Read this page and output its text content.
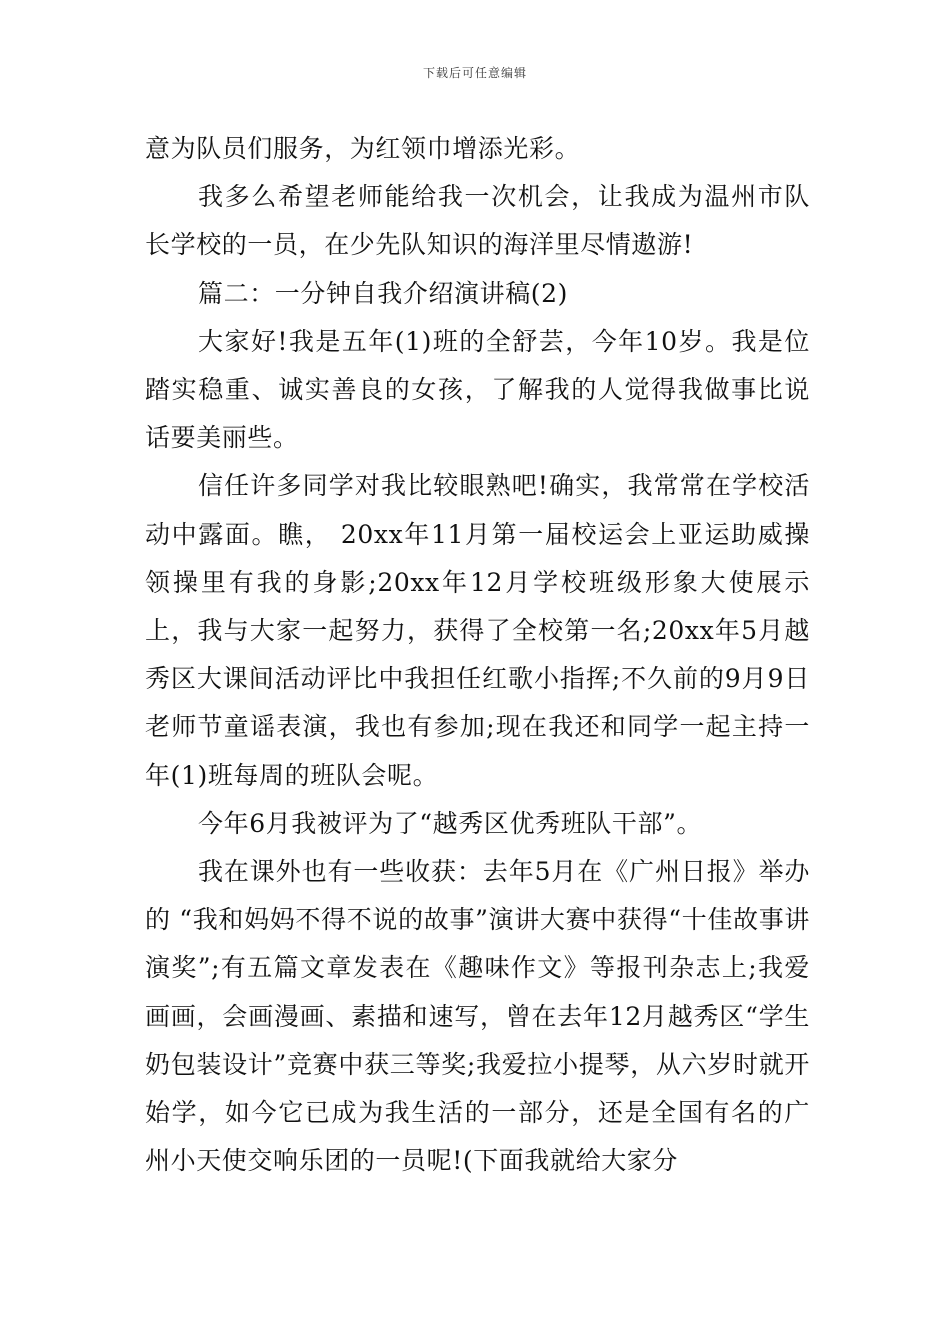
下载后可任意编辑

意为队员们服务，为红领巾增添光彩。

我多么希望老师能给我一次机会，让我成为温州市队长学校的一员，在少先队知识的海洋里尽情遨游!

篇二：一分钟自我介绍演讲稿(2)

大家好!我是五年(1)班的全舒芸，今年10岁。我是位踏实稳重、诚实善良的女孩，了解我的人觉得我做事比说话要美丽些。

信任许多同学对我比较眼熟吧!确实，我常常在学校活动中露面。瞧， 20xx年11月第一届校运会上亚运助威操领操里有我的身影;20xx年12月学校班级形象大使展示上，我与大家一起努力，获得了全校第一名;20xx年5月越秀区大课间活动评比中我担任红歌小指挥;不久前的9月9日老师节童谣表演，我也有参加;现在我还和同学一起主持一年(1)班每周的班队会呢。

今年6月我被评为了“越秀区优秀班队干部”。

我在课外也有一些收获：去年5月在《广州日报》举办的 “我和妈妈不得不说的故事”演讲大赛中获得“十佳故事讲演奖”;有五篇文章发表在《趣味作文》等报刊杂志上;我爱画画，会画漫画、素描和速写，曾在去年12月越秀区“学生奶包装设计”竞赛中获三等奖;我爱拉小提琴，从六岁时就开始学，如今它已成为我生活的一部分，还是全国有名的广州小天使交响乐团的一员呢!(下面我就给大家分
